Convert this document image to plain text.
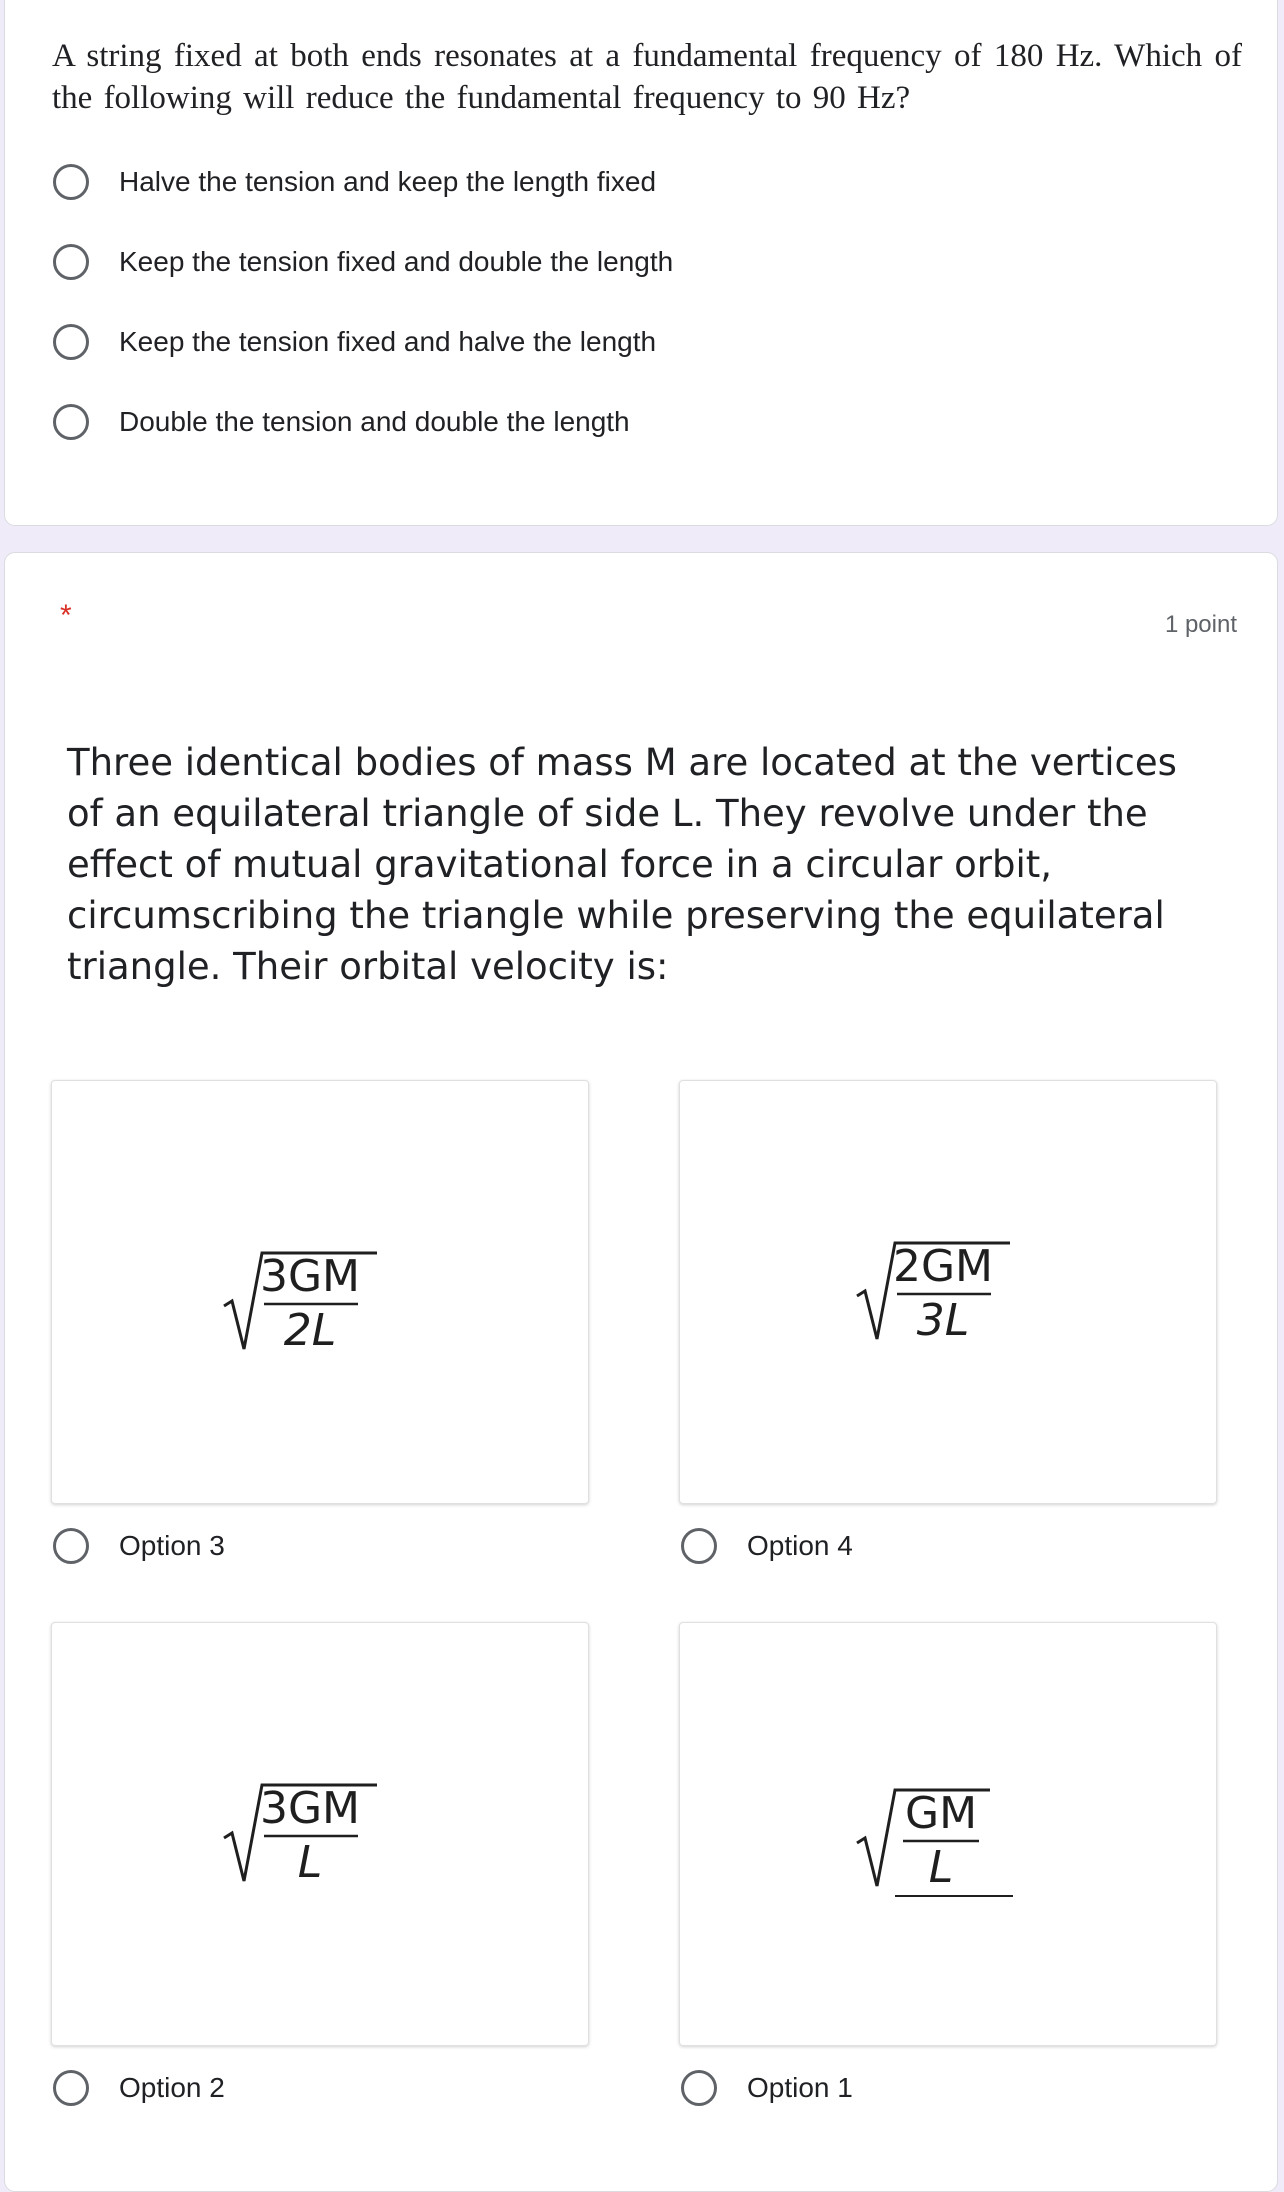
A string fixed at both ends resonates at a fundamental frequency of 180 Hz. Which of the following will reduce the fundamental frequency to 90 Hz?
Halve the tension and keep the length fixed
Keep the tension fixed and double the length
Keep the tension fixed and halve the length
Double the tension and double the length
*	1 point
Three identical bodies of mass M are located at the vertices of an equilateral triangle of side L. They revolve under the effect of mutual gravitational force in a circular orbit, circumscribing the triangle while preserving the equilateral triangle. Their orbital velocity is:
3GM
2L
2GM
3L
Option 3	Option 4
3GM
L
GM
L
Option 2	Option 1
